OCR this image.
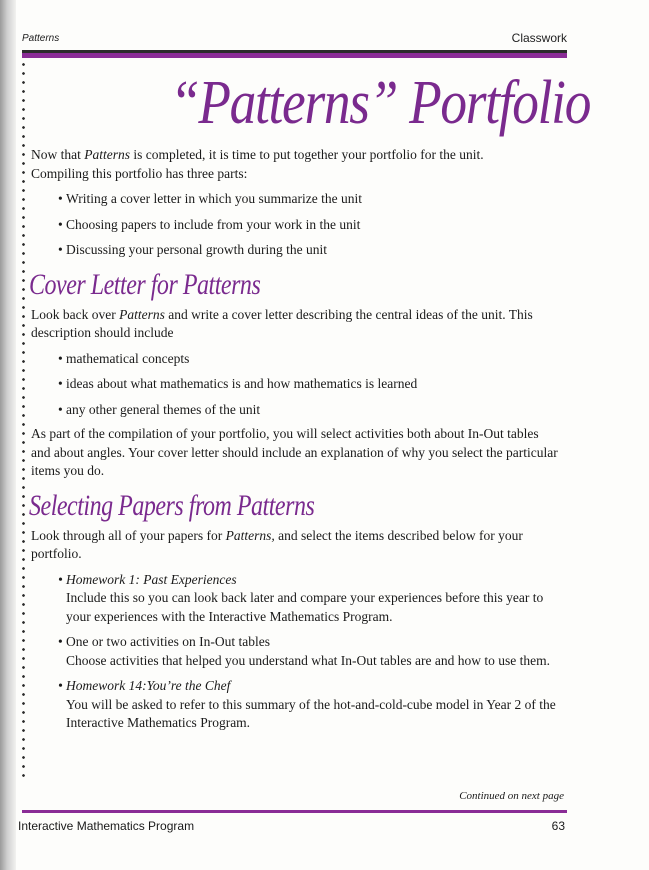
Patterns	Classwork
“Patterns” Portfolio

Now that Patterns is completed, it is time to put together your portfolio for the unit.
Compiling this portfolio has three parts:

• Writing a cover letter in which you summarize the unit
• Choosing papers to include from your work in the unit
• Discussing your personal growth during the unit
Cover Letter for Patterns

Look back over Patterns and write a cover letter describing the central ideas of the unit. This description should include

• mathematical concepts
• ideas about what mathematics is and how mathematics is learned
• any other general themes of the unit

As part of the compilation of your portfolio, you will select activities both about In-Out tables and about angles. Your cover letter should include an explanation of why you select the particular items you do.

Selecting Papers from Patterns

Look through all of your papers for Patterns, and select the items described below for your portfolio.

• Homework 1: Past Experiences

Include this so you can look back later and compare your experiences before this year to your experiences with the Interactive Mathematics Program.

• One or two activities on In-Out tables

Choose activities that helped you understand what In-Out tables are and how to use them.

• Homework 14:You’re the Chef

You will be asked to refer to this summary of the hot-and-cold-cube model in Year 2 of the Interactive Mathematics Program.

Continued on next page
Interactive Mathematics Program	63
